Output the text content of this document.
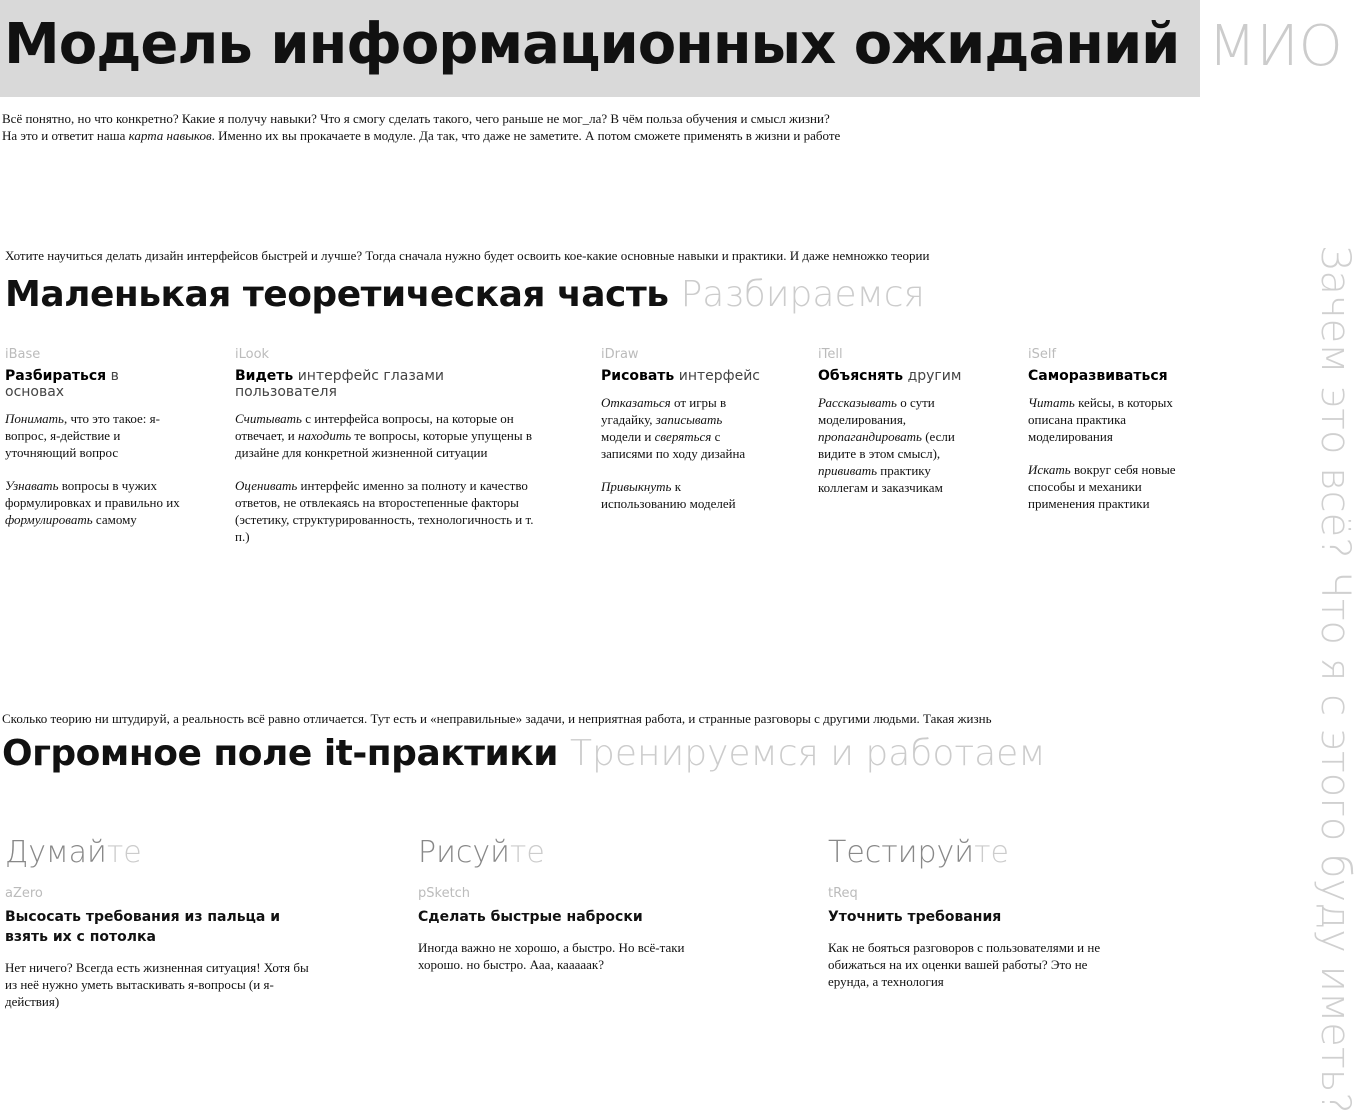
Модель информационных ожиданий МИО
Всё понятно, но что конкретно? Какие я получу навыки? Что я смогу сделать такого, чего раньше не мог_ла? В чём польза обучения и смысл жизни?
На это и ответит наша карта навыков. Именно их вы прокачаете в модуле. Да так, что даже не заметите. А потом сможете применять в жизни и работе
Хотите научиться делать дизайн интерфейсов быстрей и лучше? Тогда сначала нужно будет освоить кое-какие основные навыки и практики. И даже немножко теории
Маленькая теоретическая часть Разбираемся
iBase
Разбираться в основах

Понимать, что это такое: я-вопрос, я-действие и уточняющий вопрос

Узнавать вопросы в чужих формулировках и правильно их формулировать самому

iLook
Видеть интерфейс глазами пользователя

Считывать с интерфейса вопросы, на которые он отвечает, и находить те вопросы, которые упущены в дизайне для конкретной жизненной ситуации

Оценивать интерфейс именно за полноту и качество ответов, не отвлекаясь на второстепенные факторы (эстетику, структурированность, технологичность и т. п.)

iDraw
Рисовать интерфейс

Отказаться от игры в угадайку, записывать модели и сверяться с записями по ходу дизайна

Привыкнуть к использованию моделей

iTell
Объяснять другим

Рассказывать о сути моделирования, пропагандировать (если видите в этом смысл), прививать практику коллегам и заказчикам

iSelf
Саморазвиваться

Читать кейсы, в которых описана практика моделирования

Искать вокруг себя новые способы и механики применения практики

Сколько теорию ни штудируй, а реальность всё равно отличается. Тут есть и «неправильные» задачи, и неприятная работа, и странные разговоры с другими людьми. Такая жизнь
Огромное поле it-практики Тренируемся и работаем
Думайте
aZero
Высосать требования из пальца и взять их с потолка
Нет ничего? Всегда есть жизненная ситуация! Хотя бы из неё нужно уметь вытаскивать я-вопросы (и я-действия)
Рисуйте
pSketch
Сделать быстрые наброски
Иногда важно не хорошо, а быстро. Но всё-таки хорошо. но быстро. Ааа, кааааак?
Тестируйте
tReq
Уточнить требования
Как не бояться разговоров с пользователями и не обижаться на их оценки вашей работы? Это не ерунда, а технология	Зачем это всё? Что я с этого буду иметь?
